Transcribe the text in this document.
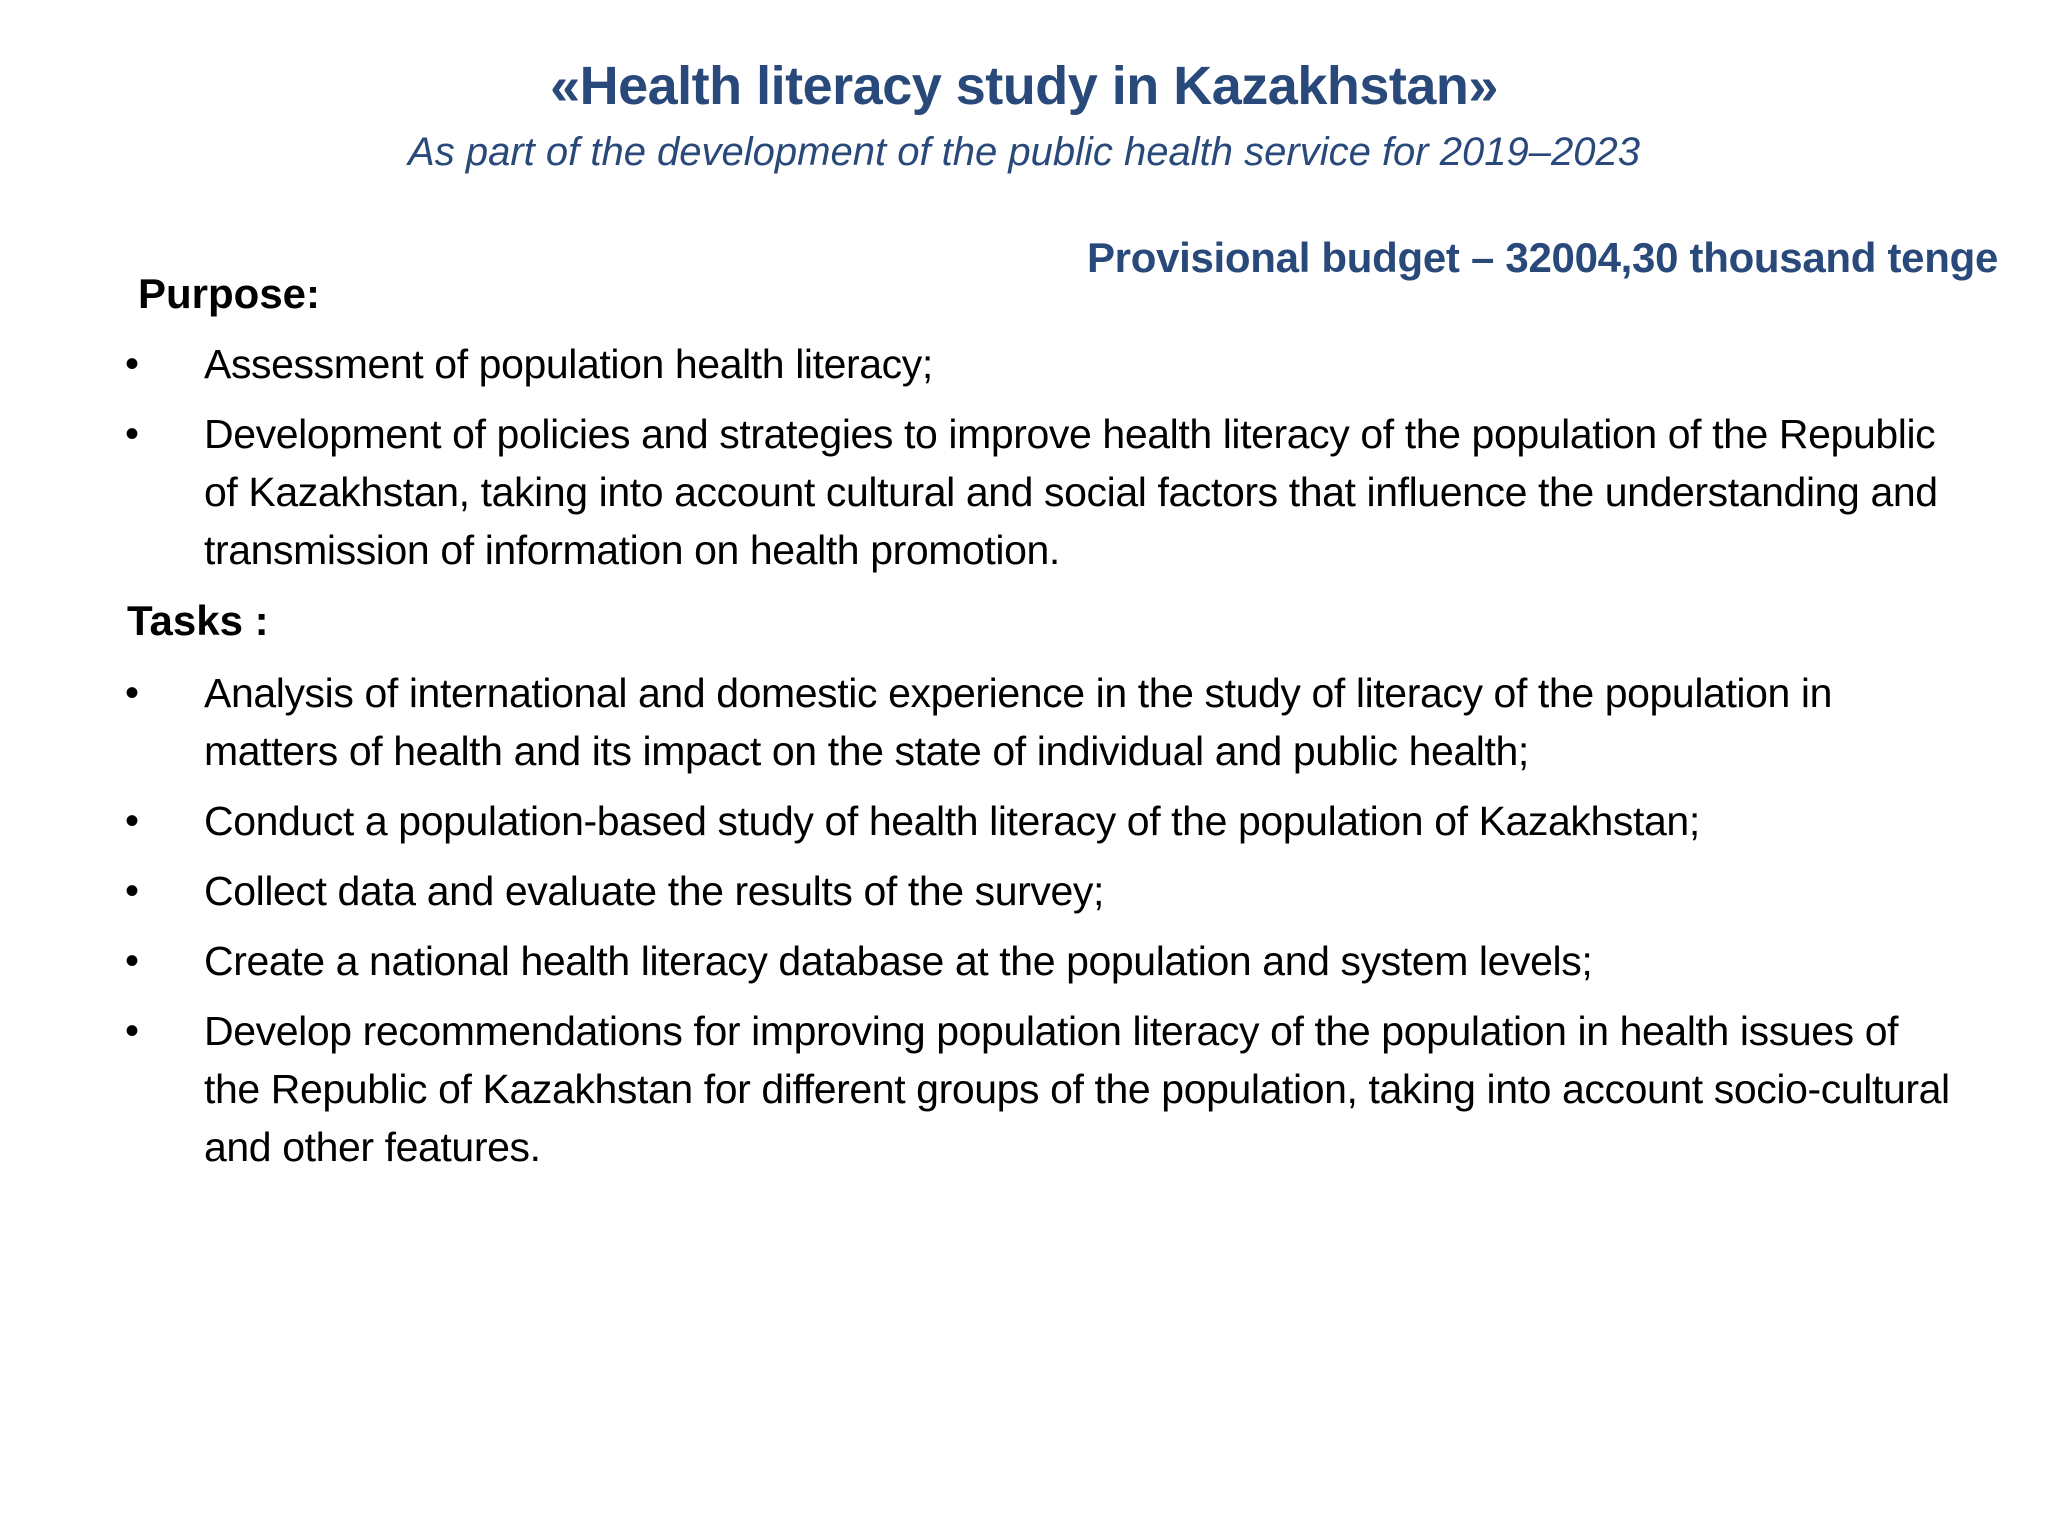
«Health literacy study in Kazakhstan»
As part of the development of the public health service for 2019–2023
Provisional budget – 32004,30 thousand tenge
Purpose:
• Assessment of population health literacy;
• Development of policies and strategies to improve health literacy of the population of the Republic of Kazakhstan, taking into account cultural and social factors that influence the understanding and transmission of information on health promotion.
Tasks :
• Analysis of international and domestic experience in the study of literacy of the population in matters of health and its impact on the state of individual and public health;
• Conduct a population-based study of health literacy of the population of Kazakhstan;
• Collect data and evaluate the results of the survey;
• Create a national health literacy database at the population and system levels;
• Develop recommendations for improving population literacy of the population in health issues of the Republic of Kazakhstan for different groups of the population, taking into account socio-cultural and other features.
